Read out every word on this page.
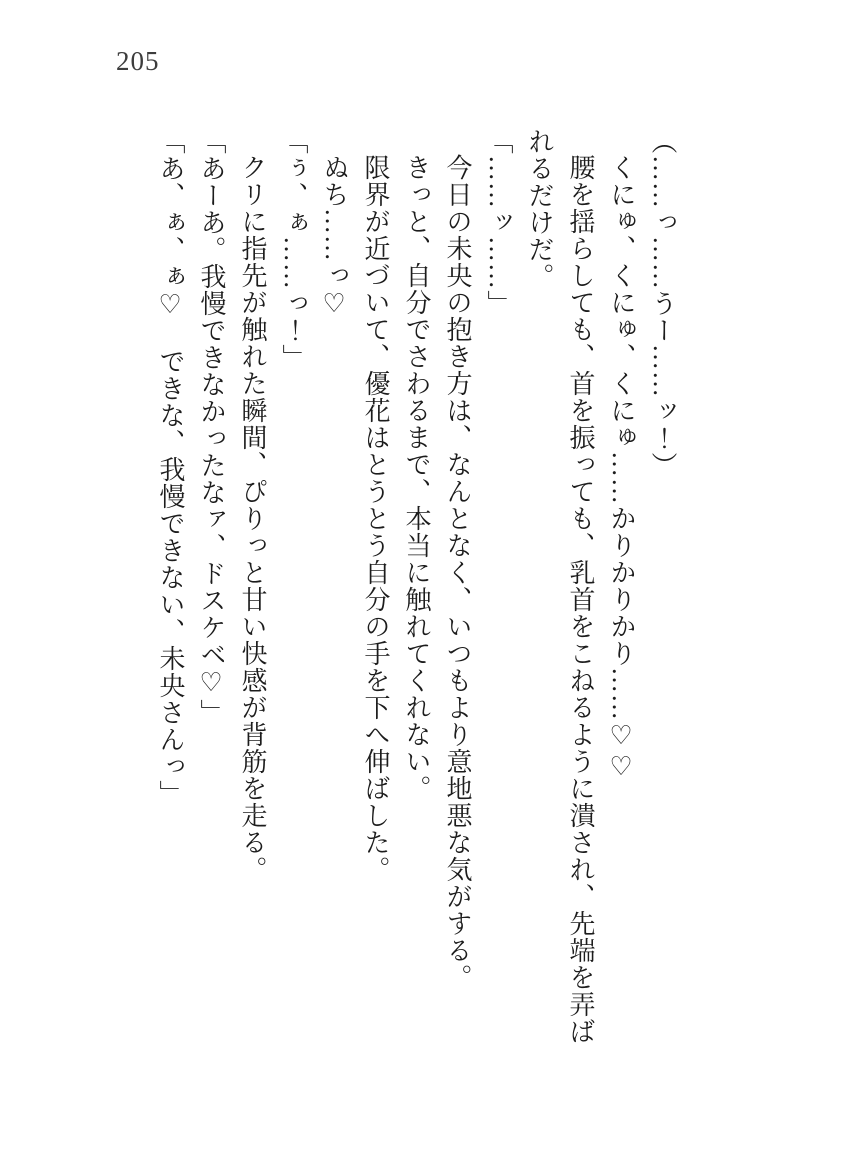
205

（……っ……うー……ッ！）

くにゅ、くにゅ、くにゅ……かりかりかり……♡♡

腰を揺らしても、首を振っても、乳首をこねるように潰され、先端を弄ばれるだけだ。

「……ッ……」

今日の未央の抱き方は、なんとなく、いつもより意地悪な気がする。

きっと、自分でさわるまで、本当に触れてくれない。

限界が近づいて、優花はとうとう自分の手を下へ伸ばした。

ぬち……っ♡

「ぅ、ぁ……っ！」

クリに指先が触れた瞬間、ぴりっと甘い快感が背筋を走る。

「あーあ。我慢できなかったなァ、ドスケベ♡」

「あ、ぁ、ぁ♡　できな、我慢できない、未央さんっ」
